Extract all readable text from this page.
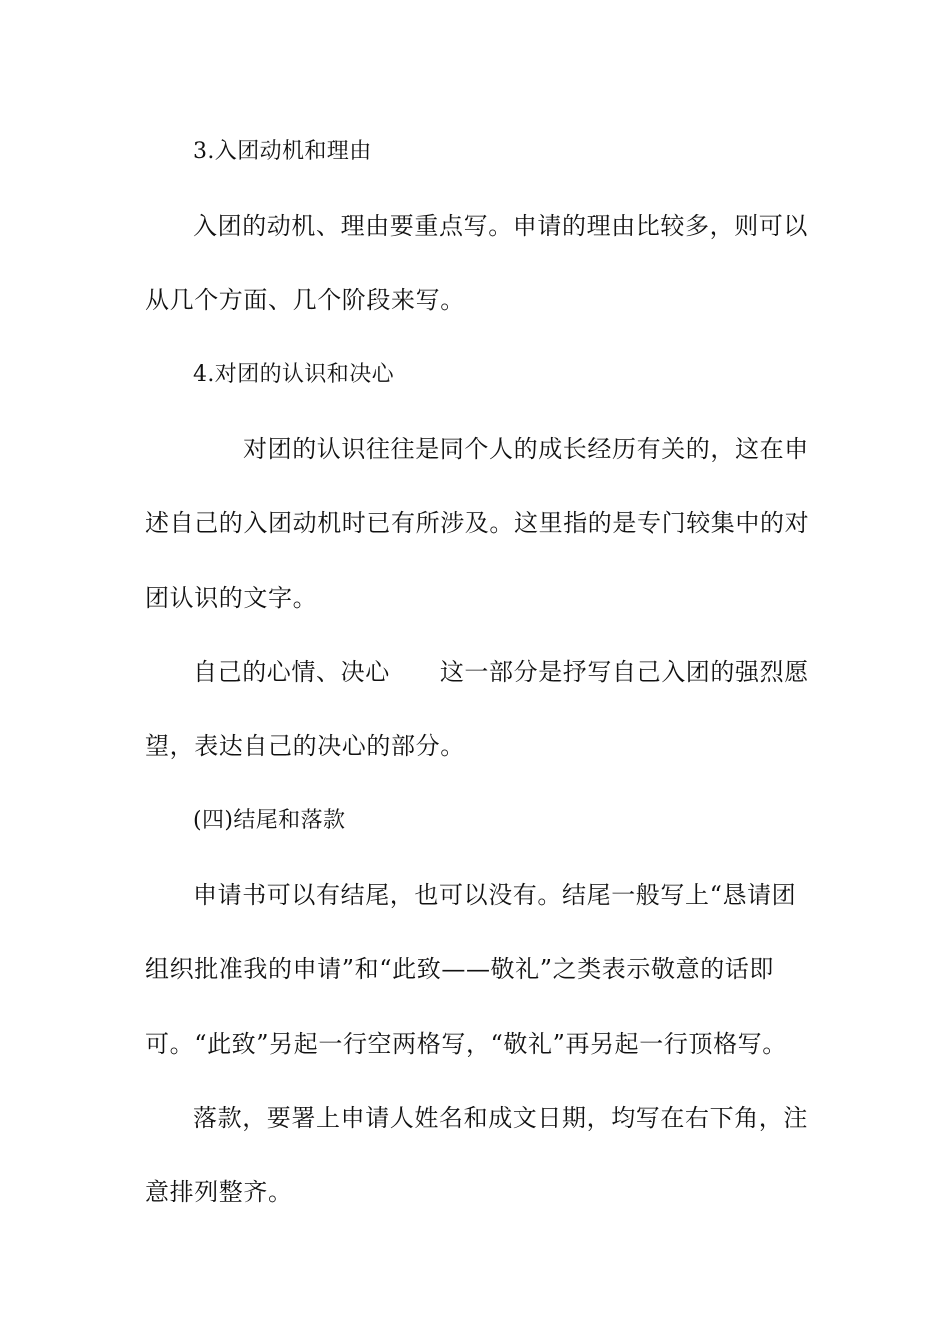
3.入团动机和理由
入团的动机、理由要重点写。申请的理由比较多，则可以
从几个方面、几个阶段来写。
4.对团的认识和决心
对团的认识往往是同个人的成长经历有关的，这在申
述自己的入团动机时已有所涉及。这里指的是专门较集中的对
团认识的文字。
自己的心情、决心 这一部分是抒写自己入团的强烈愿
望，表达自己的决心的部分。
(四)结尾和落款
申请书可以有结尾，也可以没有。结尾一般写上“恳请团
组织批准我的申请”和“此致——敬礼”之类表示敬意的话即
可。“此致”另起一行空两格写，“敬礼”再另起一行顶格写。
落款，要署上申请人姓名和成文日期，均写在右下角，注
意排列整齐。
